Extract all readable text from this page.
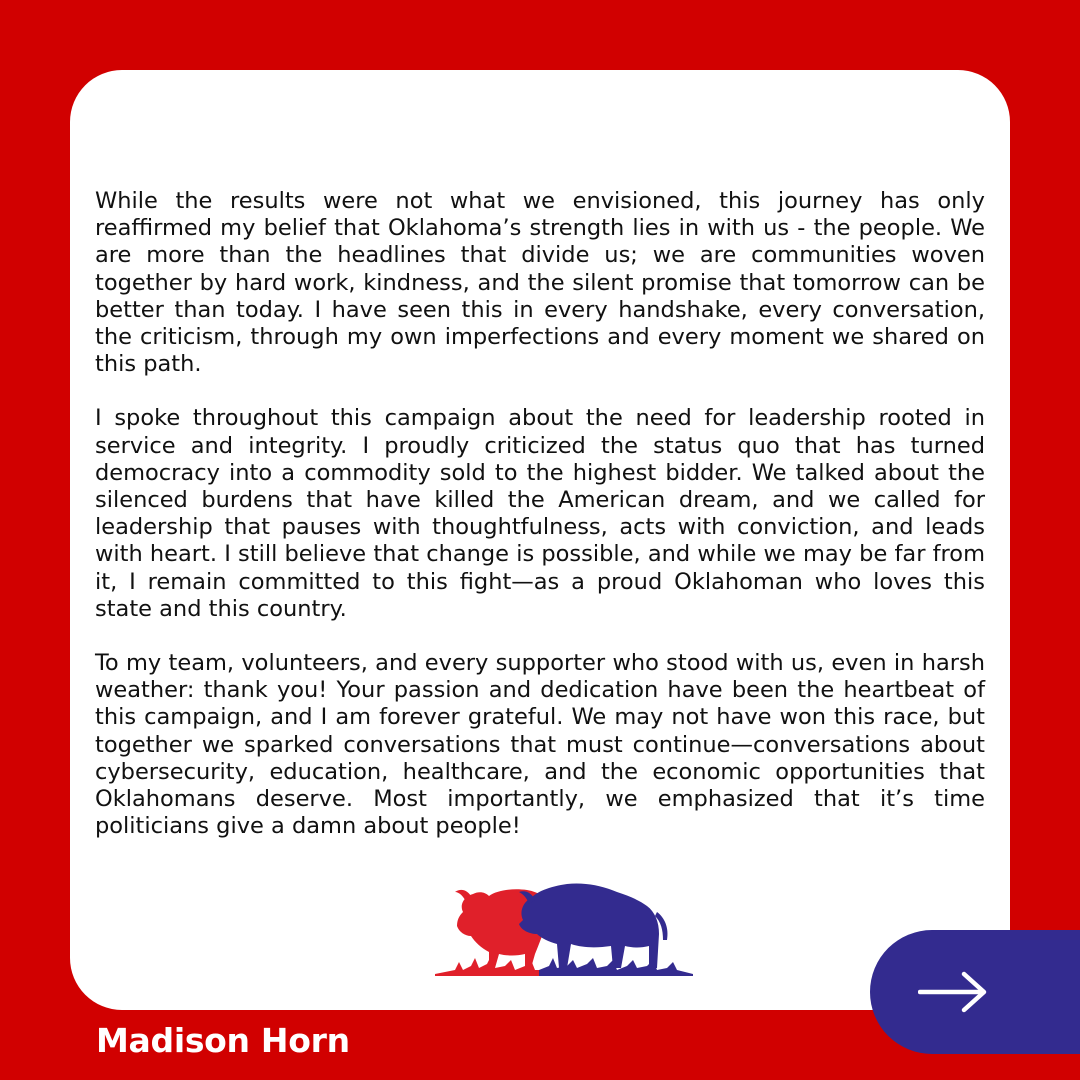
While the results were not what we envisioned, this journey has only reaffirmed my belief that Oklahoma’s strength lies in with us - the people. We are more than the headlines that divide us; we are communities woven together by hard work, kindness, and the silent promise that tomorrow can be better than today. I have seen this in every handshake, every conversation, the criticism, through my own imperfections and every moment we shared on this path.

I spoke throughout this campaign about the need for leadership rooted in service and integrity. I proudly criticized the status quo that has turned democracy into a commodity sold to the highest bidder. We talked about the silenced burdens that have killed the American dream, and we called for leadership that pauses with thoughtfulness, acts with conviction, and leads with heart. I still believe that change is possible, and while we may be far from it, I remain committed to this fight—as a proud Oklahoman who loves this state and this country.

To my team, volunteers, and every supporter who stood with us, even in harsh weather: thank you! Your passion and dedication have been the heartbeat of this campaign, and I am forever grateful. We may not have won this race, but together we sparked conversations that must continue—conversations about cybersecurity, education, healthcare, and the economic opportunities that Oklahomans deserve. Most importantly, we emphasized that it’s time politicians give a damn about people!

Madison Horn
